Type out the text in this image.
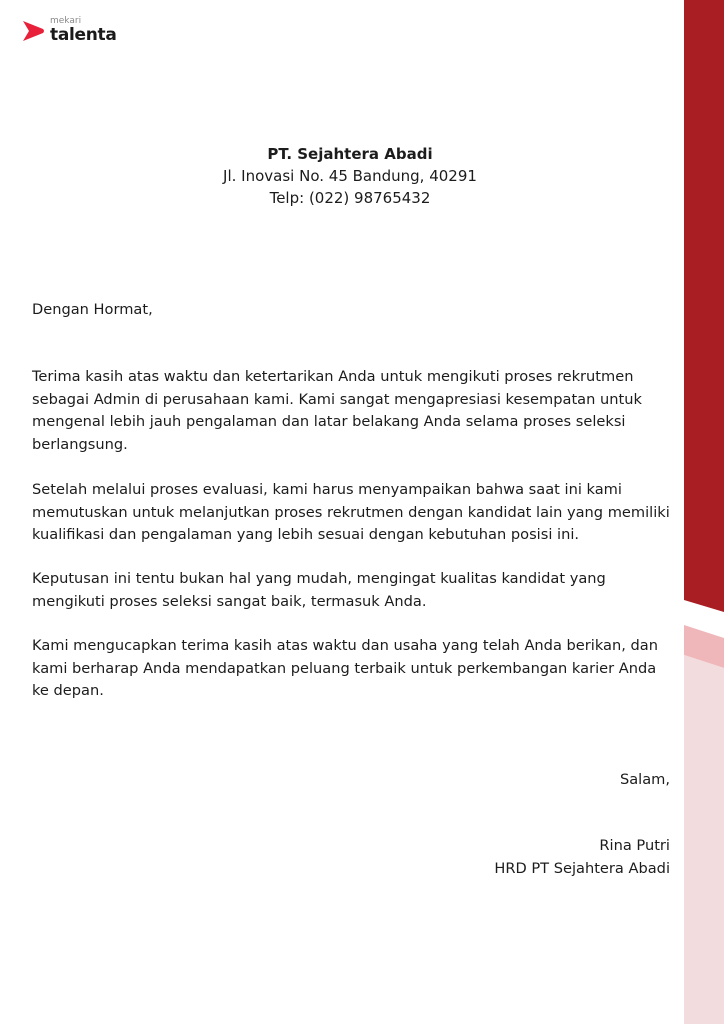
mekari
talenta
PT. Sejahtera Abadi
Jl. Inovasi No. 45 Bandung, 40291
Telp: (022) 98765432

Dengan Hormat,

Terima kasih atas waktu dan ketertarikan Anda untuk mengikuti proses rekrutmen sebagai Admin di perusahaan kami. Kami sangat mengapresiasi kesempatan untuk mengenal lebih jauh pengalaman dan latar belakang Anda selama proses seleksi berlangsung.

Setelah melalui proses evaluasi, kami harus menyampaikan bahwa saat ini kami memutuskan untuk melanjutkan proses rekrutmen dengan kandidat lain yang memiliki kualifikasi dan pengalaman yang lebih sesuai dengan kebutuhan posisi ini.

Keputusan ini tentu bukan hal yang mudah, mengingat kualitas kandidat yang mengikuti proses seleksi sangat baik, termasuk Anda.

Kami mengucapkan terima kasih atas waktu dan usaha yang telah Anda berikan, dan kami berharap Anda mendapatkan peluang terbaik untuk perkembangan karier Anda ke depan.

Salam,
Rina Putri
HRD PT Sejahtera Abadi
